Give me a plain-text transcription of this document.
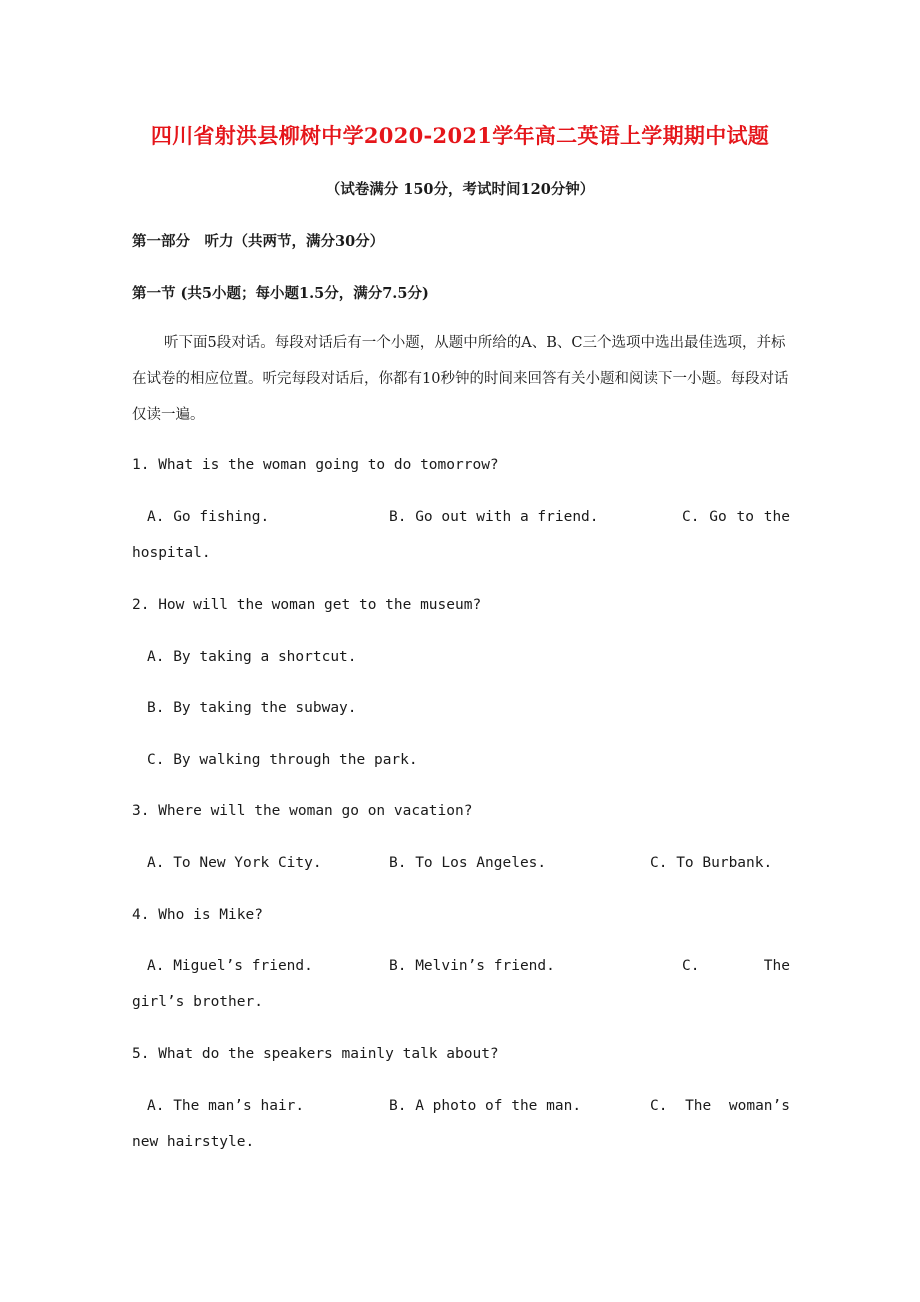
四川省射洪县柳树中学2020-2021学年高二英语上学期期中试题
（试卷满分 150分，考试时间120分钟）
第一部分　听力（共两节，满分30分）
第一节 (共5小题；每小题1.5分，满分7.5分)
听下面5段对话。每段对话后有一个小题，从题中所给的A、B、C三个选项中选出最佳选项，并标在试卷的相应位置。听完每段对话后，你都有10秒钟的时间来回答有关小题和阅读下一小题。每段对话仅读一遍。
1. What is the woman going to do tomorrow?
A. Go fishing.	B. Go out with a friend.	C. Go to the
hospital.
2. How will the woman get to the museum?
A. By taking a shortcut.
B. By taking the subway.
C. By walking through the park.
3. Where will the woman go on vacation?
A. To New York City.	B. To Los Angeles.	C. To Burbank.
4. Who is Mike?
A. Miguel’s friend.	B. Melvin’s friend.	C.	The
girl’s brother.
5. What do the speakers mainly talk about?
A. The man’s hair.	B. A photo of the man.	C. The woman’s
new hairstyle.
